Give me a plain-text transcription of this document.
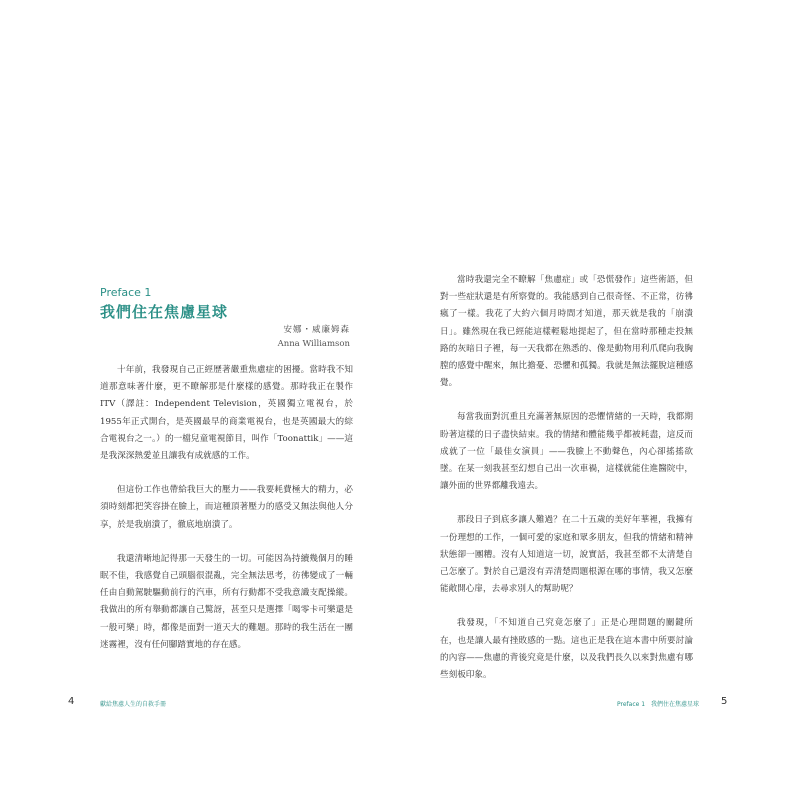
Preface 1
我們住在焦慮星球
安娜・威廉姆森
Anna Williamson

十年前，我發現自己正經歷著嚴重焦慮症的困擾。當時我不知道那意味著什麼，更不瞭解那是什麼樣的感覺。那時我正在製作ITV（譯註：Independent Television，英國獨立電視台，於1955年正式開台，是英國最早的商業電視台，也是英國最大的綜合電視台之一。）的一檔兒童電視節目，叫作「Toonattik」——這是我深深熱愛並且讓我有成就感的工作。

但這份工作也帶給我巨大的壓力——我要耗費極大的精力，必須時刻都把笑容掛在臉上，而這種頂著壓力的感受又無法與他人分享，於是我崩潰了，徹底地崩潰了。

我還清晰地記得那一天發生的一切。可能因為持續幾個月的睡眠不佳，我感覺自己頭腦很混亂，完全無法思考，彷彿變成了一輛任由自動駕駛驅動前行的汽車，所有行動都不受我意識支配操縱。我做出的所有舉動都讓自己驚訝，甚至只是選擇「喝零卡可樂還是一般可樂」時，都像是面對一道天大的難題。那時的我生活在一團迷霧裡，沒有任何腳踏實地的存在感。

4	獻給焦慮人生的自救手冊

當時我還完全不瞭解「焦慮症」或「恐慌發作」這些術語，但對一些症狀還是有所察覺的。我能感到自己很奇怪、不正常，彷彿瘋了一樣。我花了大約六個月時間才知道，那天就是我的「崩潰日」。雖然現在我已經能這樣輕鬆地提起了，但在當時那種走投無路的灰暗日子裡，每一天我都在熟悉的、像是動物用利爪爬向我胸膛的感覺中醒來，無比擔憂、恐懼和孤獨。我就是無法擺脫這種感覺。

每當我面對沉重且充滿著無原因的恐懼情緒的一天時，我都期盼著這樣的日子盡快結束。我的情緒和體能幾乎都被耗盡，這反而成就了一位「最佳女演員」——我臉上不動聲色，內心卻搖搖欲墜。在某一刻我甚至幻想自己出一次車禍，這樣就能住進醫院中，讓外面的世界都離我遠去。

那段日子到底多讓人難過？在二十五歲的美好年華裡，我擁有一份理想的工作，一個可愛的家庭和眾多朋友，但我的情緒和精神狀態卻一團糟。沒有人知道這一切，說實話，我甚至都不太清楚自己怎麼了。對於自己還沒有弄清楚問題根源在哪的事情，我又怎麼能敞開心扉，去尋求別人的幫助呢？

我發現，「不知道自己究竟怎麼了」正是心理問題的關鍵所在，也是讓人最有挫敗感的一點。這也正是我在這本書中所要討論的內容——焦慮的背後究竟是什麼，以及我們長久以來對焦慮有哪些刻板印象。

Preface 1　我們住在焦慮星球 5
